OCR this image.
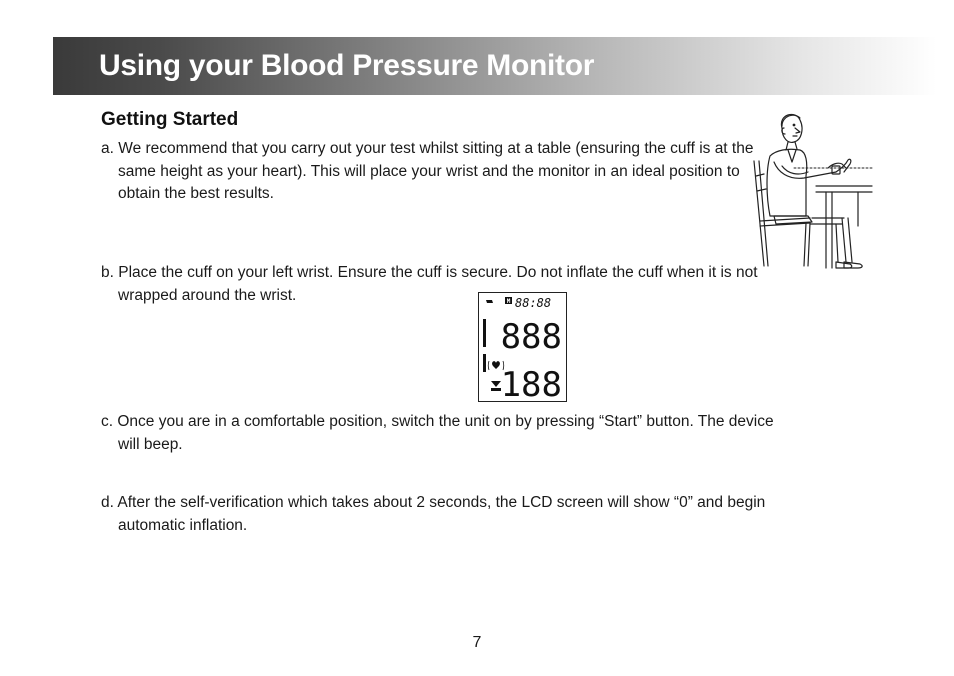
Using your Blood Pressure Monitor
Getting Started

a. We recommend that you carry out your test whilst sitting at a table (ensuring the cuff is at the same height as your heart). This will place your wrist and the monitor in an ideal position to obtain the best results.

b. Place the cuff on your left wrist. Ensure the cuff is secure. Do not inflate the cuff when it is not wrapped around the wrist.

c. Once you are in a comfortable position, switch the unit on by pressing “Start” button. The device will beep.

d. After the self-verification which takes about 2 seconds, the LCD screen will show “0” and begin automatic inflation.

M 88:88
888
188
7
